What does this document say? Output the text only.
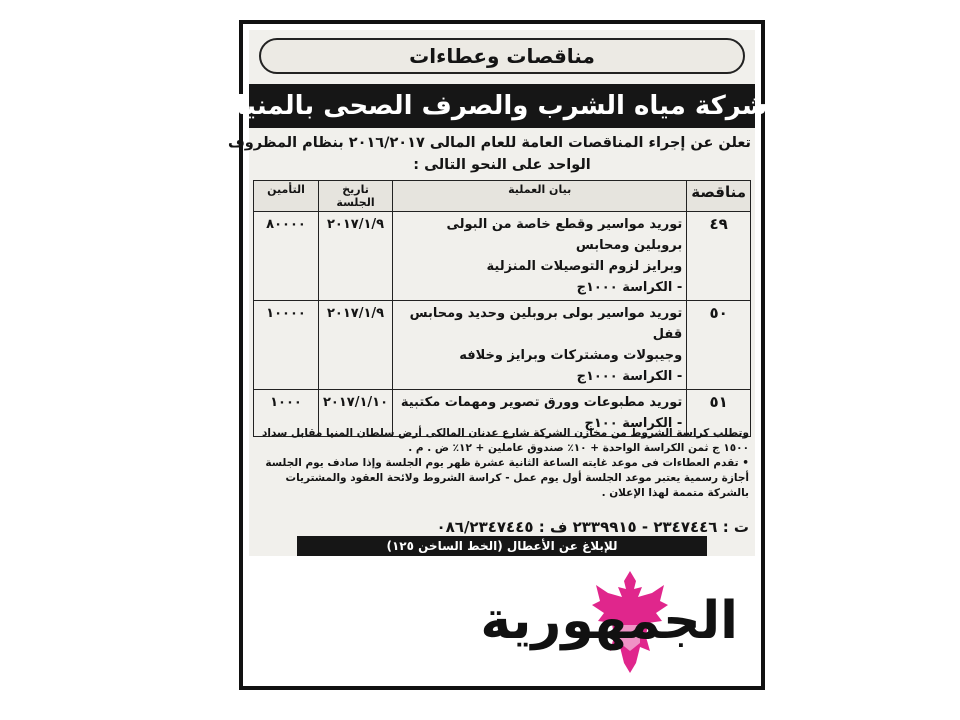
مناقصات وعطاءات
شركة مياه الشرب والصرف الصحى بالمنيا
تعلن عن إجراء المناقصات العامة للعام المالى ٢٠١٦/٢٠١٧ بنظام المظروف
الواحد على النحو التالى :
مناقصة	بيان العملية	تاريخ الجلسة	التأمين
٤٩	توريد مواسير وقطع خاصة من البولى بروبلين ومحابس
وبرايز لزوم التوصيلات المنزلية
- الكراسة ١٠٠٠ج	٢٠١٧/١/٩	٨٠٠٠٠
٥٠	توريد مواسير بولى بروبلين وحديد ومحابس قفل
وجيبولات ومشتركات وبرايز وخلافه
- الكراسة ١٠٠٠ج	٢٠١٧/١/٩	١٠٠٠٠
٥١	توريد مطبوعات وورق تصوير ومهمات مكتبية
- الكراسة ١٠٠ج	٢٠١٧/١/١٠	١٠٠٠

وتطلب كراسة الشروط من مخازن الشركة شارع عدنان المالكى أرض سلطان المنيا مقابل سداد ١٥٠٠ ج ثمن الكراسة الواحدة + ١٠٪ صندوق عاملين + ١٢٪ ض . م .

• تقدم العطاءات فى موعد غايته الساعة الثانية عشرة ظهر يوم الجلسة وإذا صادف يوم الجلسة أجازة رسمية يعتبر موعد الجلسة أول يوم عمل - كراسة الشروط ولائحة العقود والمشتريات بالشركة متممة لهذا الإعلان .

ت : ٢٣٤٧٤٤٦ - ٢٣٣٩٩١٥ ف : ٠٨٦/٢٣٤٧٤٤٥
للإبلاغ عن الأعطال (الخط الساخن ١٢٥)
الجمهورية
